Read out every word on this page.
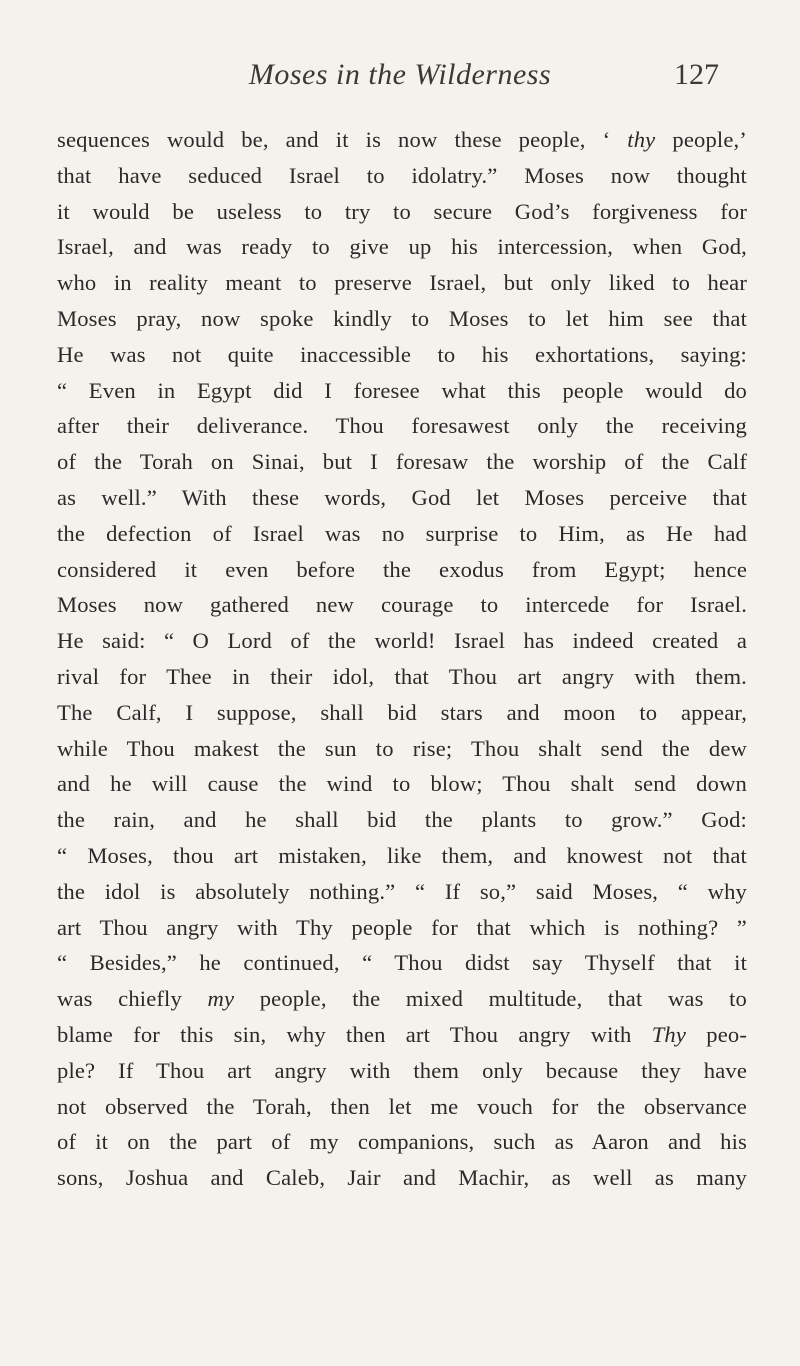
Moses in the Wilderness	127
sequences would be, and it is now these people, ‘ thy people,’
that have seduced Israel to idolatry.” Moses now thought
it would be useless to try to secure God’s forgiveness for
Israel, and was ready to give up his intercession, when God,
who in reality meant to preserve Israel, but only liked to hear
Moses pray, now spoke kindly to Moses to let him see that
He was not quite inaccessible to his exhortations, saying:
“ Even in Egypt did I foresee what this people would do
after their deliverance. Thou foresawest only the receiving
of the Torah on Sinai, but I foresaw the worship of the Calf
as well.” With these words, God let Moses perceive that
the defection of Israel was no surprise to Him, as He had
considered it even before the exodus from Egypt; hence
Moses now gathered new courage to intercede for Israel.
He said: “ O Lord of the world! Israel has indeed created a
rival for Thee in their idol, that Thou art angry with them.
The Calf, I suppose, shall bid stars and moon to appear,
while Thou makest the sun to rise; Thou shalt send the dew
and he will cause the wind to blow; Thou shalt send down
the rain, and he shall bid the plants to grow.” God:
“ Moses, thou art mistaken, like them, and knowest not that
the idol is absolutely nothing.” “ If so,” said Moses, “ why
art Thou angry with Thy people for that which is nothing? ”
“ Besides,” he continued, “ Thou didst say Thyself that it
was chiefly my people, the mixed multitude, that was to
blame for this sin, why then art Thou angry with Thy peo-
ple? If Thou art angry with them only because they have
not observed the Torah, then let me vouch for the observance
of it on the part of my companions, such as Aaron and his
sons, Joshua and Caleb, Jair and Machir, as well as many
